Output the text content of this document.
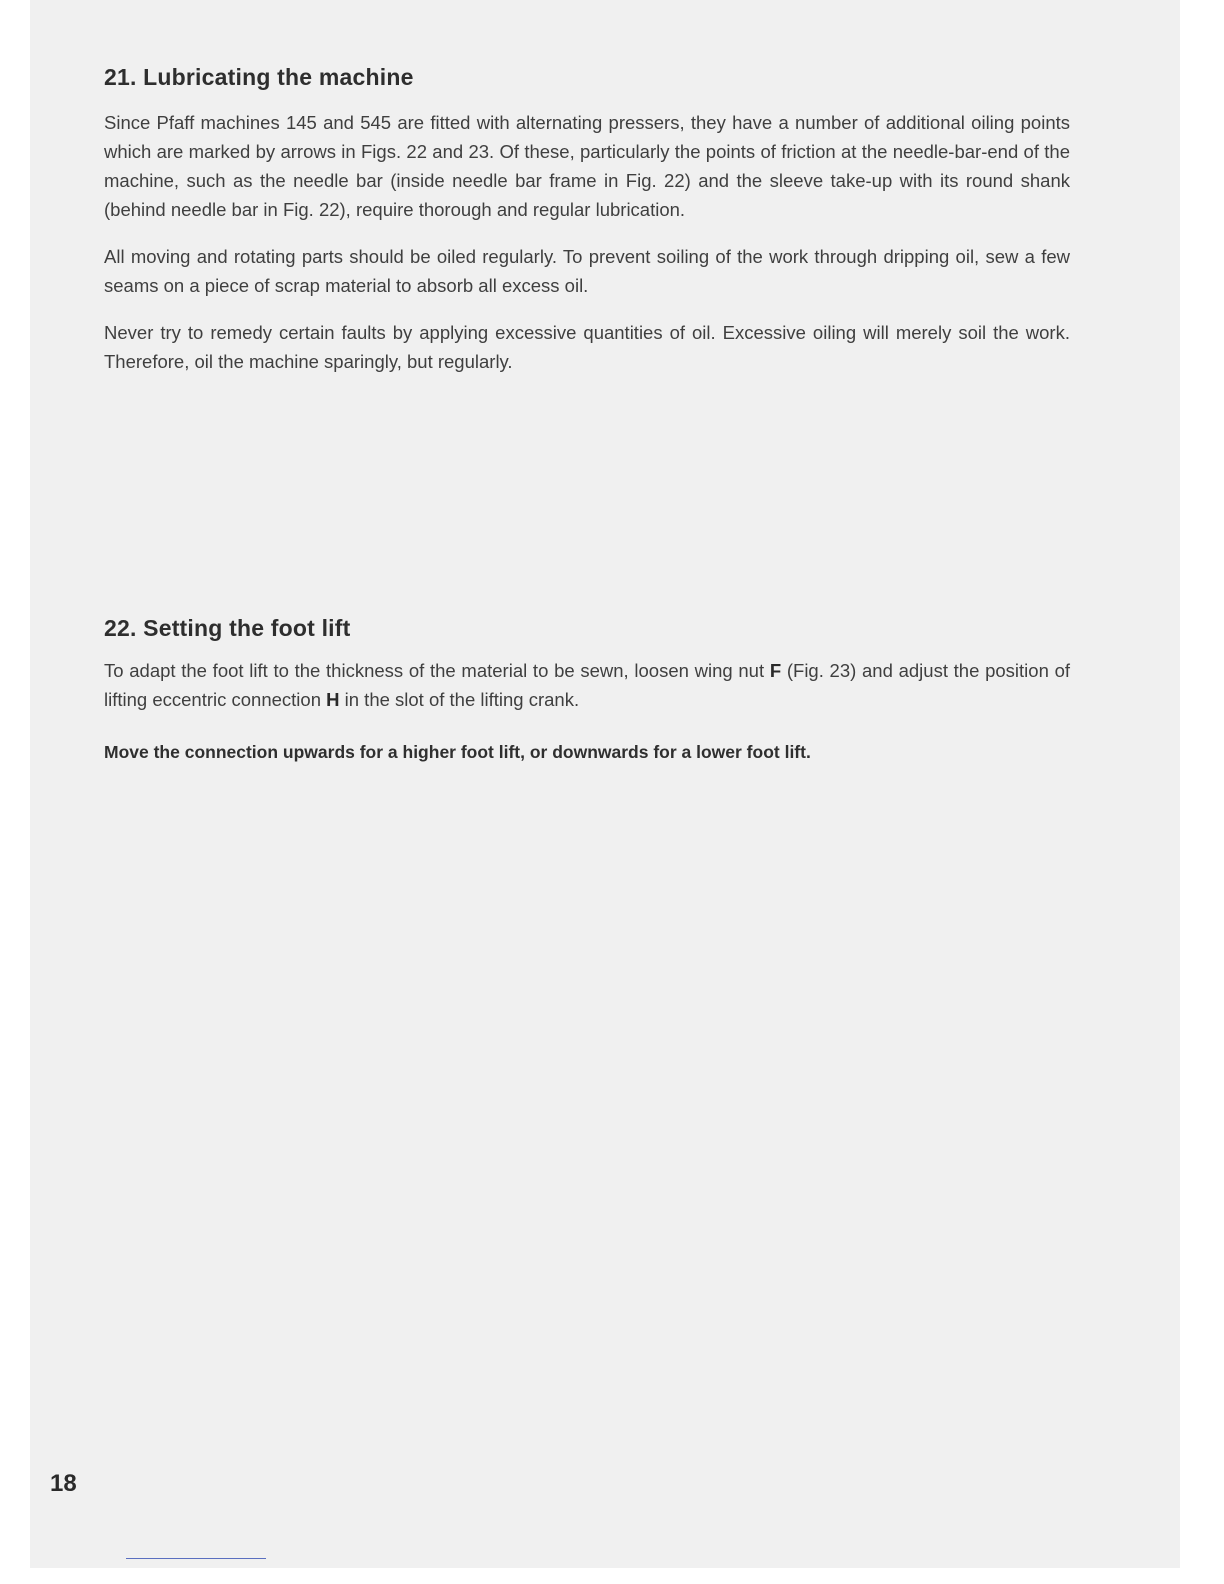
21. Lubricating the machine

Since Pfaff machines 145 and 545 are fitted with alternating pressers, they have a number of additional oiling points which are marked by arrows in Figs. 22 and 23. Of these, particularly the points of friction at the needle-bar-end of the machine, such as the needle bar (inside needle bar frame in Fig. 22) and the sleeve take-up with its round shank (behind needle bar in Fig. 22), require thorough and regular lubrication.

All moving and rotating parts should be oiled regularly. To prevent soiling of the work through dripping oil, sew a few seams on a piece of scrap material to absorb all excess oil.

Never try to remedy certain faults by applying excessive quantities of oil. Excessive oiling will merely soil the work. Therefore, oil the machine sparingly, but regularly.

22. Setting the foot lift

To adapt the foot lift to the thickness of the material to be sewn, loosen wing nut F (Fig. 23) and adjust the position of lifting eccentric connection H in the slot of the lifting crank.

Move the connection upwards for a higher foot lift, or downwards for a lower foot lift.

18
